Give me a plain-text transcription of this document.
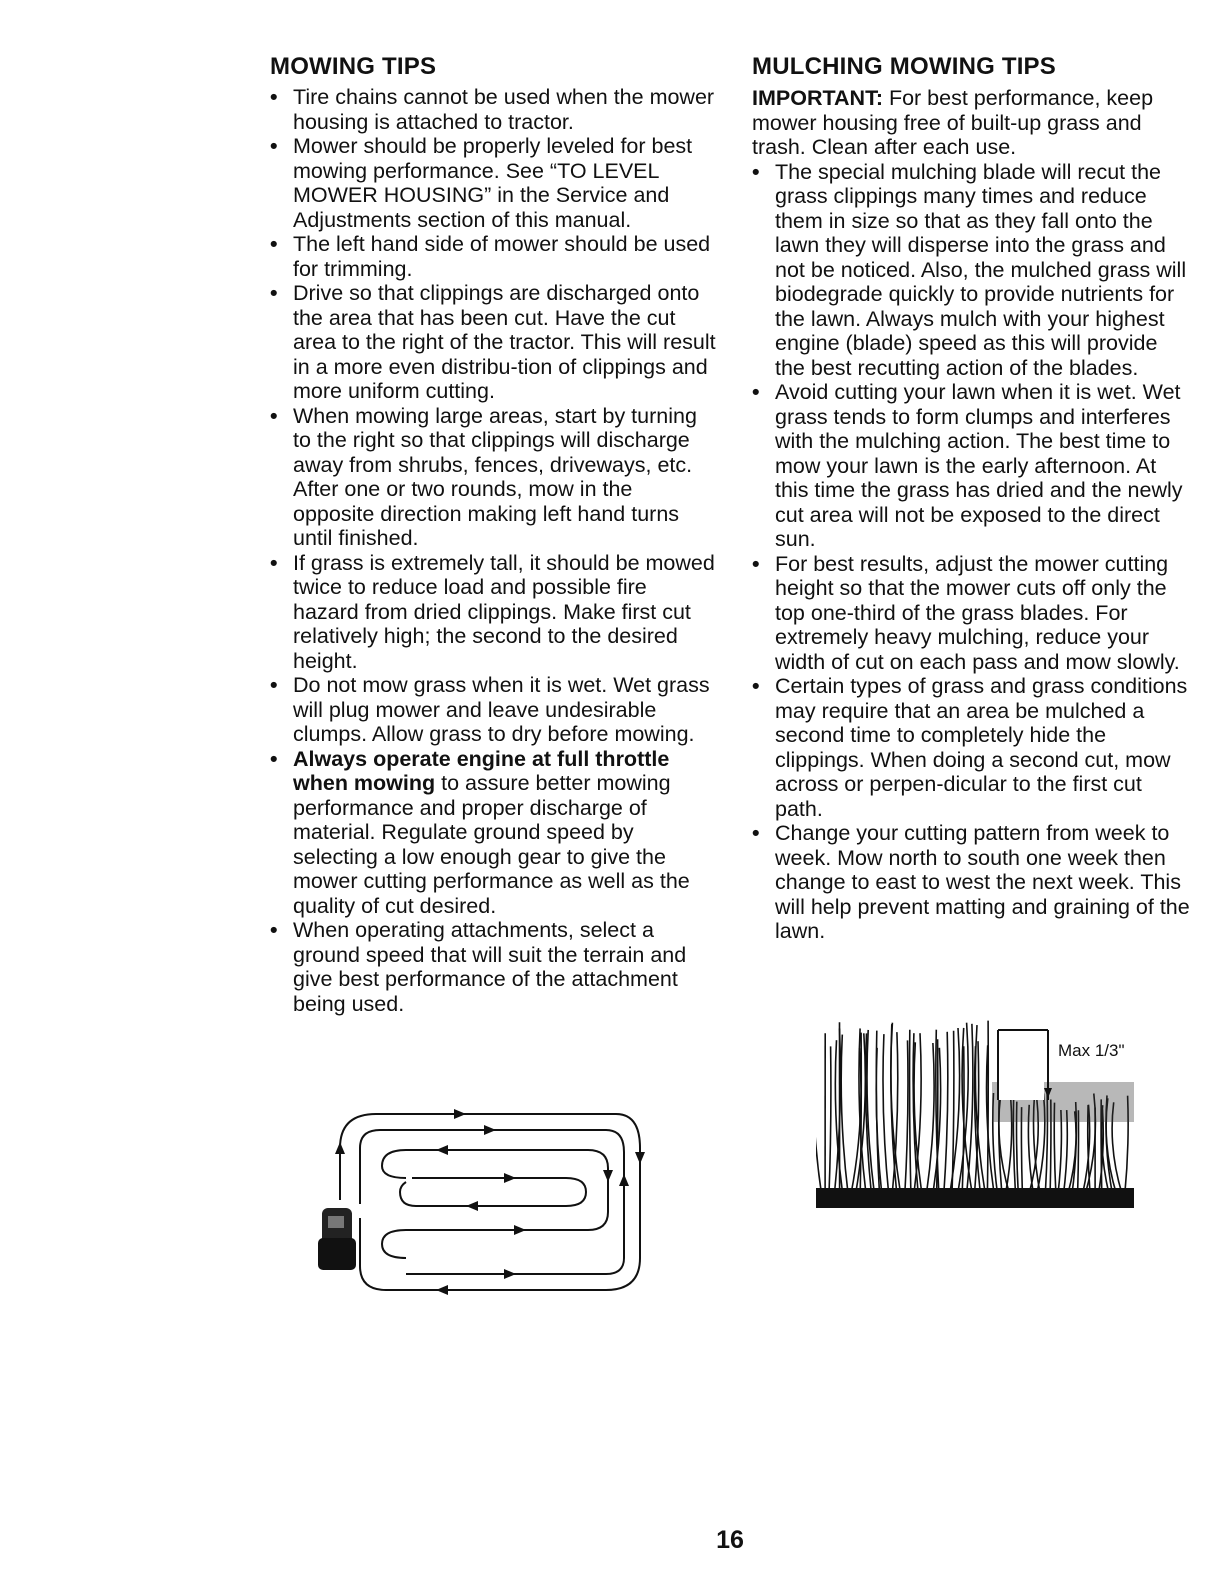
MOWING TIPS
• Tire chains cannot be used when the mower housing is attached to tractor.
• Mower should be properly leveled for best mowing performance. See “TO LEVEL MOWER HOUSING” in the Service and Adjustments section of this manual.
• The left hand side of mower should be used for trimming.
• Drive so that clippings are discharged onto the area that has been cut. Have the cut area to the right of the tractor. This will result in a more even distribu-tion of clippings and more uniform cutting.
• When mowing large areas, start by turning to the right so that clippings will discharge away from shrubs, fences, driveways, etc. After one or two rounds, mow in the opposite direction making left hand turns until finished.
• If grass is extremely tall, it should be mowed twice to reduce load and possible fire hazard from dried clippings. Make first cut relatively high; the second to the desired height.
• Do not mow grass when it is wet. Wet grass will plug mower and leave undesirable clumps. Allow grass to dry before mowing.
• Always operate engine at full throttle when mowing to assure better mowing performance and proper discharge of material. Regulate ground speed by selecting a low enough gear to give the mower cutting performance as well as the quality of cut desired.
• When operating attachments, select a ground speed that will suit the terrain and give best performance of the attachment being used.
MULCHING MOWING TIPS

IMPORTANT: For best performance, keep mower housing free of built-up grass and trash. Clean after each use.

• The special mulching blade will recut the grass clippings many times and reduce them in size so that as they fall onto the lawn they will disperse into the grass and not be noticed. Also, the mulched grass will biodegrade quickly to provide nutrients for the lawn. Always mulch with your highest engine (blade) speed as this will provide the best recutting action of the blades.
• Avoid cutting your lawn when it is wet. Wet grass tends to form clumps and interferes with the mulching action. The best time to mow your lawn is the early afternoon. At this time the grass has dried and the newly cut area will not be exposed to the direct sun.
• For best results, adjust the mower cutting height so that the mower cuts off only the top one-third of the grass blades. For extremely heavy mulching, reduce your width of cut on each pass and mow slowly.
• Certain types of grass and grass conditions may require that an area be mulched a second time to completely hide the clippings. When doing a second cut, mow across or perpen-dicular to the first cut path.
• Change your cutting pattern from week to week. Mow north to south one week then change to east to west the next week. This will help prevent matting and graining of the lawn.
Max 1/3"
16
